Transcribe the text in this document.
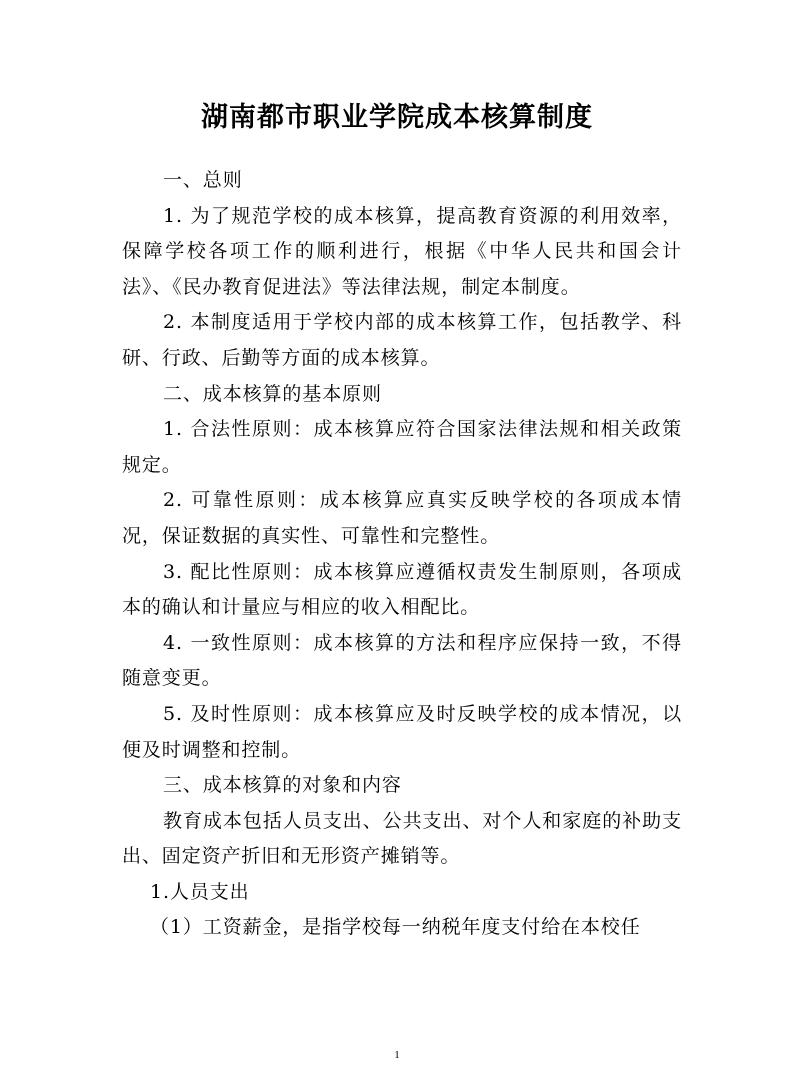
湖南都市职业学院成本核算制度

一、总则

1. 为了规范学校的成本核算，提高教育资源的利用效率，保障学校各项工作的顺利进行，根据《中华人民共和国会计法》、《民办教育促进法》等法律法规，制定本制度。

2. 本制度适用于学校内部的成本核算工作，包括教学、科研、行政、后勤等方面的成本核算。

二、成本核算的基本原则

1. 合法性原则：成本核算应符合国家法律法规和相关政策规定。

2. 可靠性原则：成本核算应真实反映学校的各项成本情况，保证数据的真实性、可靠性和完整性。

3. 配比性原则：成本核算应遵循权责发生制原则，各项成本的确认和计量应与相应的收入相配比。

4. 一致性原则：成本核算的方法和程序应保持一致，不得随意变更。

5. 及时性原则：成本核算应及时反映学校的成本情况，以便及时调整和控制。

三、成本核算的对象和内容

教育成本包括人员支出、公共支出、对个人和家庭的补助支出、固定资产折旧和无形资产摊销等。

1.人员支出

（1）工资薪金，是指学校每一纳税年度支付给在本校任

1
